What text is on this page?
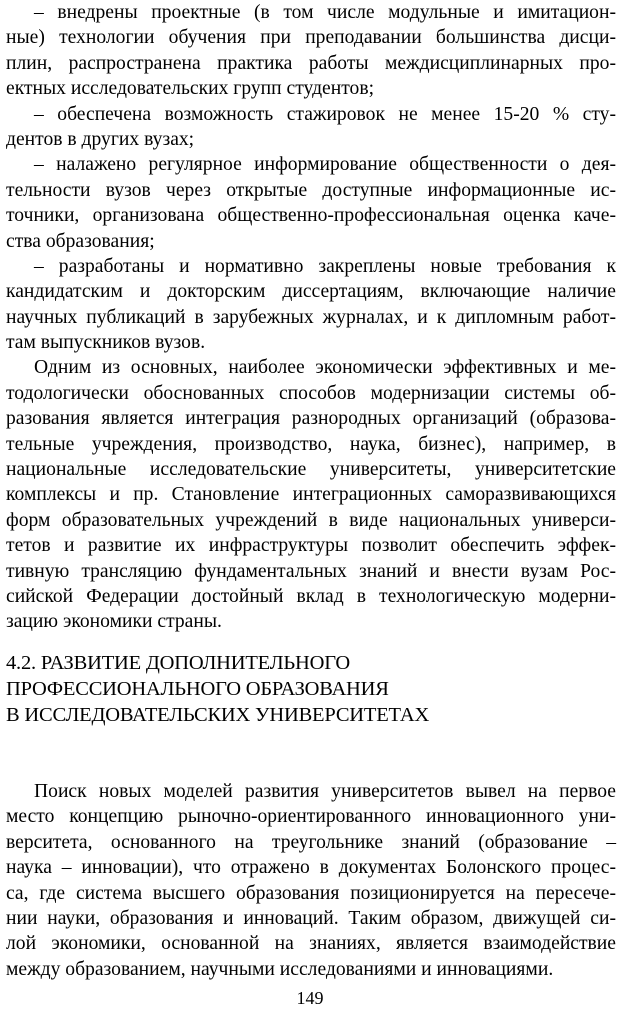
– внедрены проектные (в том числе модульные и имитацион-
ные) технологии обучения при преподавании большинства дисци-
плин, распространена практика работы междисциплинарных про-
ектных исследовательских групп студентов;
– обеспечена возможность стажировок не менее 15-20 % сту-
дентов в других вузах;
– налажено регулярное информирование общественности о дея-
тельности вузов через открытые доступные информационные ис-
точники, организована общественно-профессиональная оценка каче-
ства образования;
– разработаны и нормативно закреплены новые требования к
кандидатским и докторским диссертациям, включающие наличие
научных публикаций в зарубежных журналах, и к дипломным работ-
там выпускников вузов.
Одним из основных, наиболее экономически эффективных и ме-
тодологически обоснованных способов модернизации системы об-
разования является интеграция разнородных организаций (образова-
тельные учреждения, производство, наука, бизнес), например, в
национальные исследовательские университеты, университетские
комплексы и пр. Становление интеграционных саморазвивающихся
форм образовательных учреждений в виде национальных универси-
тетов и развитие их инфраструктуры позволит обеспечить эффек-
тивную трансляцию фундаментальных знаний и внести вузам Рос-
сийской Федерации достойный вклад в технологическую модерни-
зацию экономики страны.
4.2. РАЗВИТИЕ ДОПОЛНИТЕЛЬНОГО
ПРОФЕССИОНАЛЬНОГО ОБРАЗОВАНИЯ
В ИССЛЕДОВАТЕЛЬСКИХ УНИВЕРСИТЕТАХ
Поиск новых моделей развития университетов вывел на первое
место концепцию рыночно-ориентированного инновационного уни-
верситета, основанного на треугольнике знаний (образование –
наука – инновации), что отражено в документах Болонского процес-
са, где система высшего образования позиционируется на пересече-
нии науки, образования и инноваций. Таким образом, движущей си-
лой экономики, основанной на знаниях, является взаимодействие
между образованием, научными исследованиями и инновациями.
149
